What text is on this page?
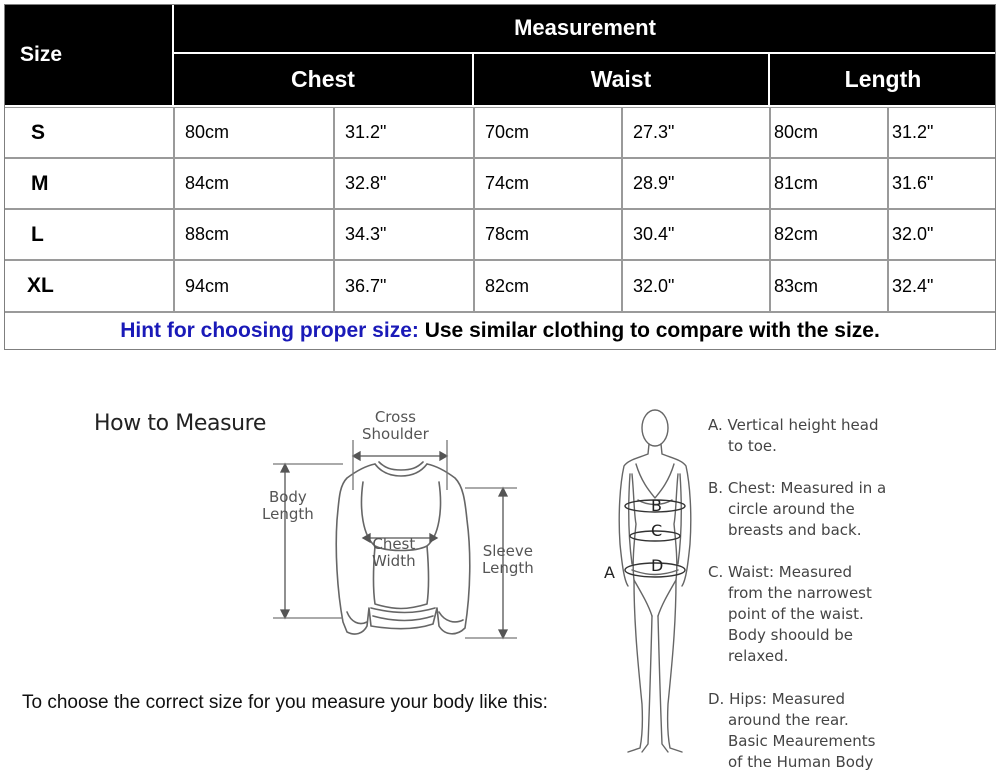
Size
Measurement
Chest	Waist	Length
S	80cm	31.2"	70cm	27.3"	80cm	31.2"
M	84cm	32.8"	74cm	28.9"	81cm	31.6"
L	88cm	34.3"	78cm	30.4"	82cm	32.0"
XL	94cm	36.7"	82cm	32.0"	83cm	32.4"
Hint for choosing proper size: Use similar clothing to compare with the size.
How to Measure	Cross
Shoulder
Body
Length
Chest
Width
Sleeve
Length
To choose the correct size for you measure your body like this:
A
B
C
D
A. Vertical height head
to toe.
B. Chest: Measured in a
circle around the
breasts and back.
C. Waist: Measured
from the narrowest
point of the waist.
Body shoould be
relaxed.
D. Hips: Measured
around the rear.
Basic Meaurements
of the Human Body
